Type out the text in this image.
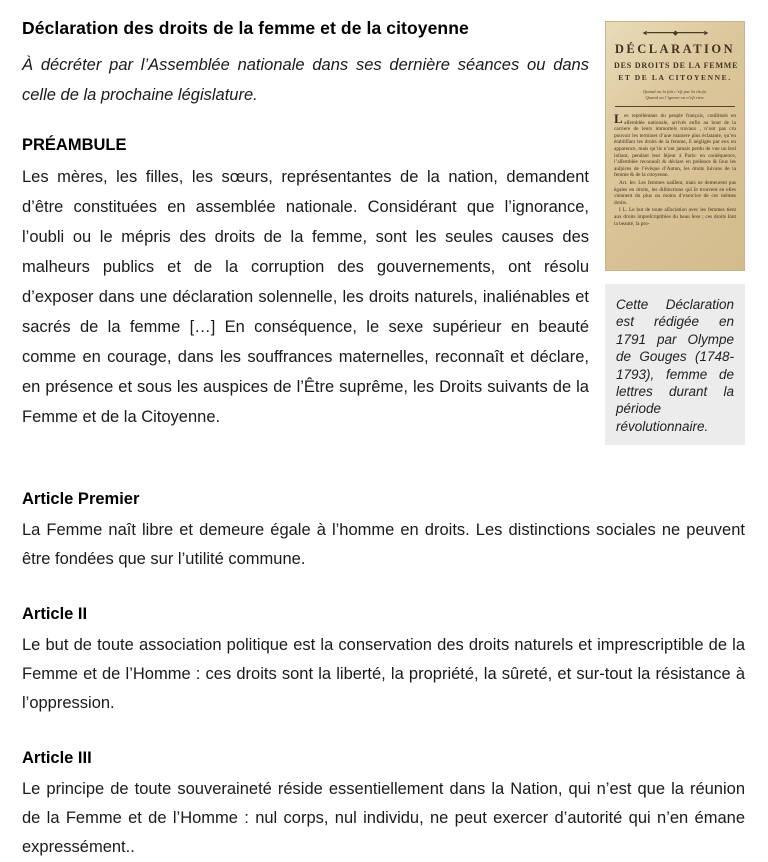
◄━━━━━━━━◆━━━━━━━━►
DÉCLARATION
DES DROITS DE LA FEMME
ET DE LA CITOYENNE.
Quand on la fait c’eſt par la choſe,
Quand on l’ignore on n’eſt rien.

Les repréſentans du peuple françois, conſtitués en aſſemblée nationale, arrivés enfin au bout de la carriere de leurs immortels travaux , n’ont pas cru pouvoir les terminer d’une maniere plus éclatante, qu’en établiſſant les droits de la femme, ſi négligés par eux en apparence, mais qu’ils n’ont jamais perdu de vue un ſeul inſtant, pendant leur ſéjour à Paris: en conſéquence, l’aſſemblée reconnoît & déclare en préſence & ſous les auſpices de l’évêque d’Autun, les droits ſuivans de la femme & de la citoyenne.

Art. Ier. Les femmes naiſſent, mais ne demeurent pas égales en droits, les diſtinctions qui ſe trouvent en elles viennent du plus ou moins d’exercice de ces mêmes droits.

I L. Le but de toute aſſociation avec les femmes tient aux droits impreſcriptibles du beau ſexe ; ces droits ſont la beauté, la pro-

Cette Déclaration est rédigée en 1791 par Olympe de Gouges (1748-1793), femme de lettres durant la période révolutionnaire.

Déclaration des droits de la femme et de la citoyenne

À décréter par l’Assemblée nationale dans ses dernière séances ou dans celle de la prochaine législature.

PRÉAMBULE

Les mères, les filles, les sœurs, représentantes de la nation, demandent d’être constituées en assemblée nationale. Considérant que l’ignorance, l’oubli ou le mépris des droits de la femme, sont les seules causes des malheurs publics et de la corruption des gouvernements, ont résolu d’exposer dans une déclaration solennelle, les droits naturels, inaliénables et sacrés de la femme […] En conséquence, le sexe supérieur en beauté comme en courage, dans les souffrances maternelles, reconnaît et déclare, en présence et sous les auspices de l’Être suprême, les Droits suivants de la Femme et de la Citoyenne.

Article Premier

La Femme naît libre et demeure égale à l’homme en droits. Les distinctions sociales ne peuvent être fondées que sur l’utilité commune.

Article II

Le but de toute association politique est la conservation des droits naturels et imprescriptible de la Femme et de l’Homme : ces droits sont la liberté, la propriété, la sûreté, et sur-tout la résistance à l’oppression.

Article III

Le principe de toute souveraineté réside essentiellement dans la Nation, qui n’est que la réunion de la Femme et de l’Homme : nul corps, nul individu, ne peut exercer d’autorité qui n’en émane expressément..
